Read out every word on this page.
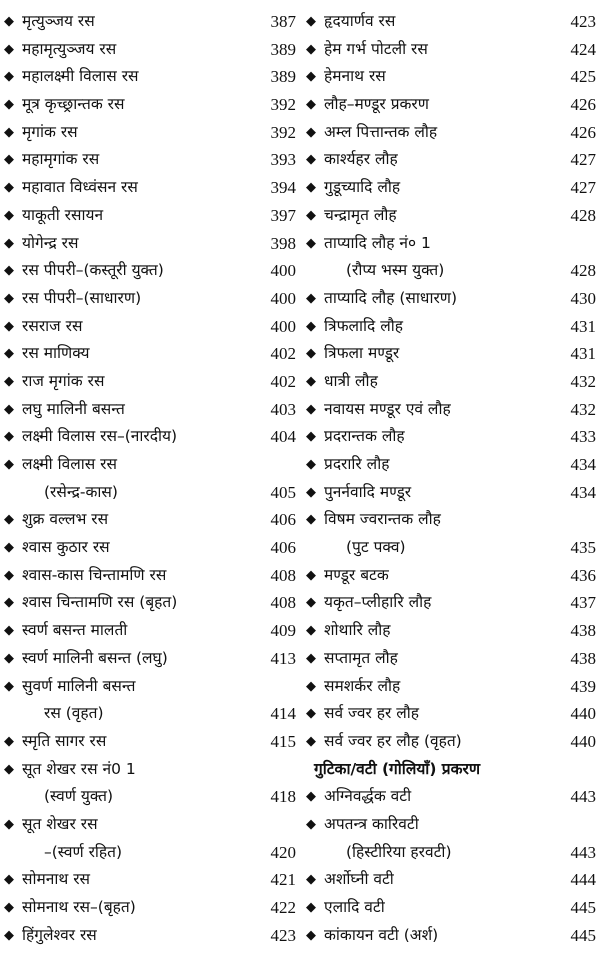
◆ मृत्युञ्जय रस	387
◆ महामृत्युञ्जय रस	389
◆ महालक्ष्मी विलास रस	389
◆ मूत्र कृच्छ्रान्तक रस	392
◆ मृगांक रस	392
◆ महामृगांक रस	393
◆ महावात विध्वंसन रस	394
◆ याकूती रसायन	397
◆ योगेन्द्र रस	398
◆ रस पीपरी–(कस्तूरी युक्त)	400
◆ रस पीपरी–(साधारण)	400
◆ रसराज रस	400
◆ रस माणिक्य	402
◆ राज मृगांक रस	402
◆ लघु मालिनी बसन्त	403
◆ लक्ष्मी विलास रस–(नारदीय)	404
◆ लक्ष्मी विलास रस
(रसेन्द्र-कास)	405
◆ शुक्र वल्लभ रस	406
◆ श्वास कुठार रस	406
◆ श्वास-कास चिन्तामणि रस	408
◆ श्वास चिन्तामणि रस (बृहत)	408
◆ स्वर्ण बसन्त मालती	409
◆ स्वर्ण मालिनी बसन्त (लघु)	413
◆ सुवर्ण मालिनी बसन्त
रस (वृहत)	414
◆ स्मृति सागर रस	415
◆ सूत शेखर रस नं0 1
(स्वर्ण युक्त)	418
◆ सूत शेखर रस
–(स्वर्ण रहित)	420
◆ सोमनाथ रस	421
◆ सोमनाथ रस–(बृहत)	422
◆ हिंगुलेश्वर रस	423
◆ हृदयार्णव रस	423
◆ हेम गर्भ पोटली रस	424
◆ हेमनाथ रस	425
◆ लौह–मण्डूर प्रकरण	426
◆ अम्ल पित्तान्तक लौह	426
◆ कार्श्यहर लौह	427
◆ गुडूच्यादि लौह	427
◆ चन्द्रामृत लौह	428
◆ ताप्यादि लौह नं० 1
(रौप्य भस्म युक्त)	428
◆ ताप्यादि लौह (साधारण)	430
◆ त्रिफलादि लौह	431
◆ त्रिफला मण्डूर	431
◆ धात्री लौह	432
◆ नवायस मण्डूर एवं लौह	432
◆ प्रदरान्तक लौह	433
◆ प्रदरारि लौह	434
◆ पुनर्नवादि मण्डूर	434
◆ विषम ज्वरान्तक लौह
(पुट पक्व)	435
◆ मण्डूर बटक	436
◆ यकृत–प्लीहारि लौह	437
◆ शोथारि लौह	438
◆ सप्तामृत लौह	438
◆ समशर्कर लौह	439
◆ सर्व ज्वर हर लौह	440
◆ सर्व ज्वर हर लौह (वृहत)	440
गुटिका/वटी (गोलियाँ) प्रकरण
◆ अग्निवर्द्धक वटी	443
◆ अपतन्त्र कारिवटी
(हिस्टीरिया हरवटी)	443
◆ अर्शोघ्नी वटी	444
◆ एलादि वटी	445
◆ कांकायन वटी (अर्श)	445
